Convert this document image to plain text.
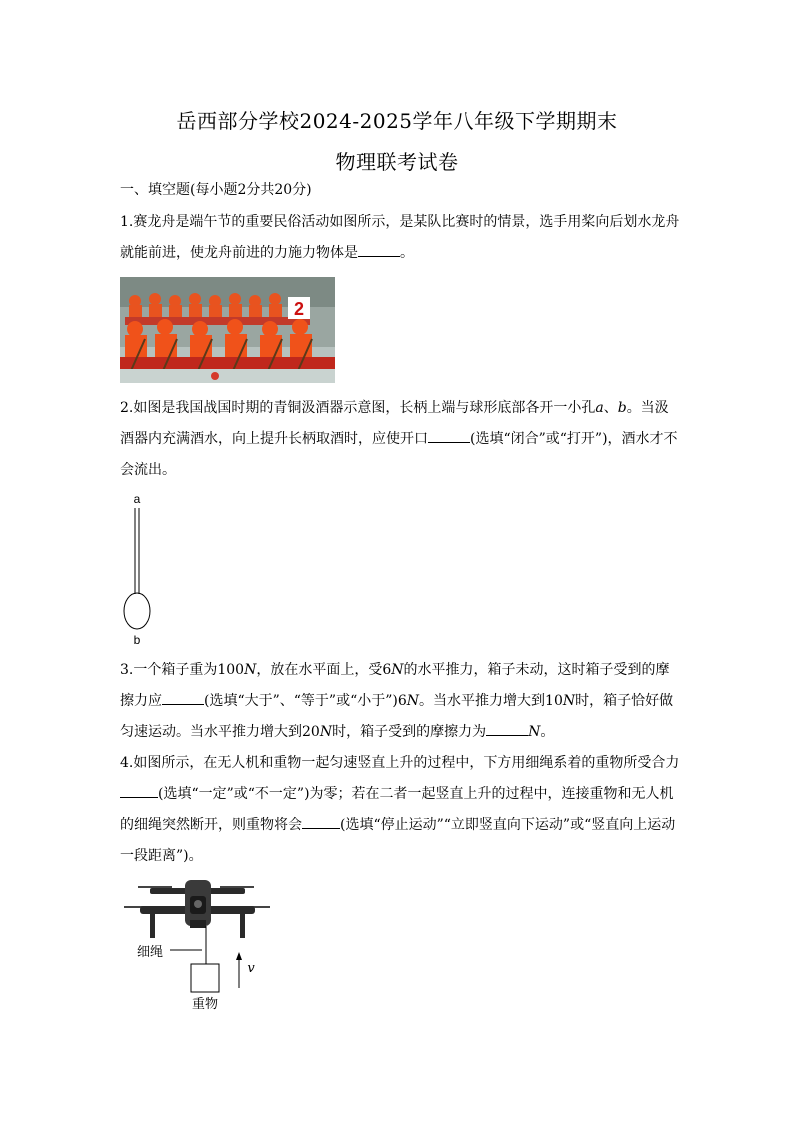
岳西部分学校2024-2025学年八年级下学期期末
物理联考试卷
一、填空题(每小题2分共20分)
1.赛龙舟是端午节的重要民俗活动如图所示，是某队比赛时的情景，选手用桨向后划水龙舟就能前进，使龙舟前进的力施力物体是	。
2
2.如图是我国战国时期的青铜汲酒器示意图，长柄上端与球形底部各开一小孔a、b。当汲酒器内充满酒水，向上提升长柄取酒时，应使开口	(选填“闭合”或“打开”)，酒水才不会流出。
a
b
3.一个箱子重为100N，放在水平面上，受6N的水平推力，箱子未动，这时箱子受到的摩擦力应	(选填“大于”、“等于”或“小于”)6N。当水平推力增大到10N时，箱子恰好做匀速运动。当水平推力增大到20N时，箱子受到的摩擦力为	N。
4.如图所示，在无人机和重物一起匀速竖直上升的过程中，下方用细绳系着的重物所受合力(选填“一定”或“不一定”)为零；若在二者一起竖直上升的过程中，连接重物和无人机的细绳突然断开，则重物将会	(选填“停止运动”“立即竖直向下运动”或“竖直向上运动一段距离”)。
细绳
重物
v
